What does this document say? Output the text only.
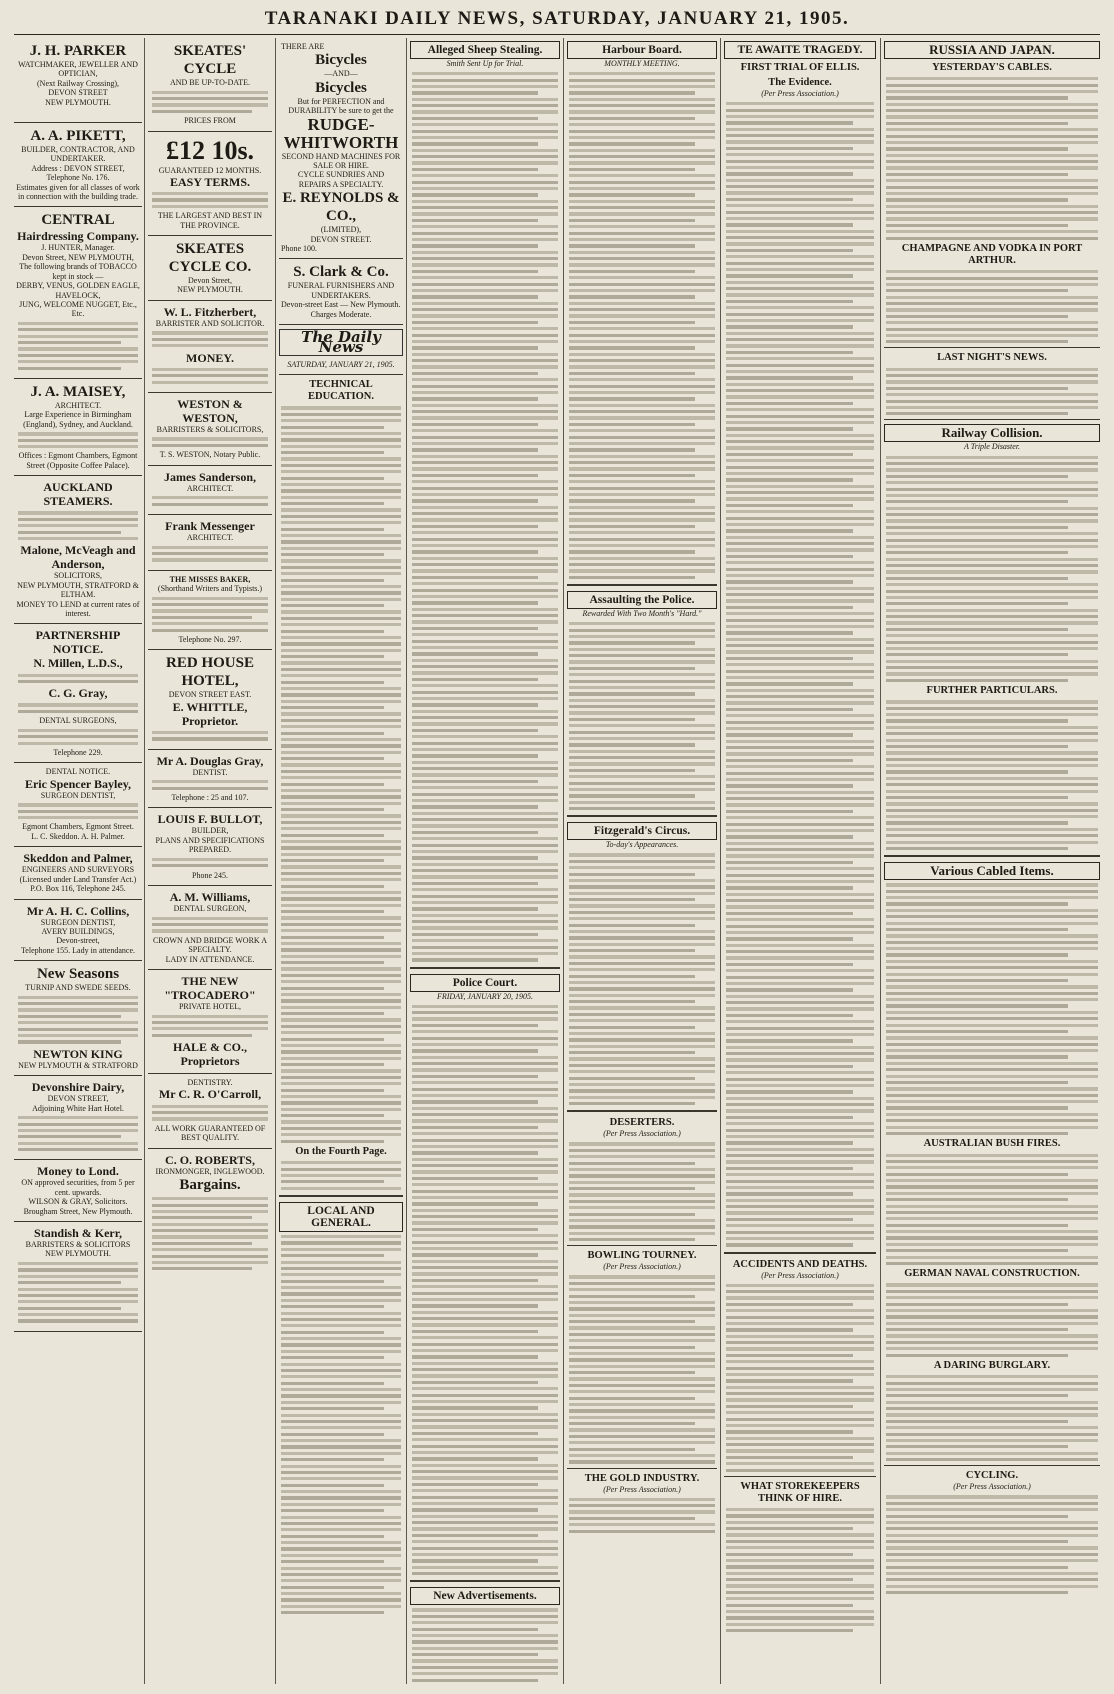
TARANAKI DAILY NEWS, SATURDAY, JANUARY 21, 1905.
J. H. PARKER
WATCHMAKER, JEWELLER AND
OPTICIAN,
(Next Railway Crossing),
DEVON STREET
NEW PLYMOUTH.
A. A. PIKETT,
BUILDER, CONTRACTOR, AND UNDERTAKER.
Address : DEVON STREET, Telephone No. 176.
Estimates given for all classes of work in connection with the building trade.
CENTRAL
Hairdressing Company.
J. HUNTER, Manager.
Devon Street, NEW PLYMOUTH,
The following brands of TOBACCO kept in stock —
DERBY, VENUS, GOLDEN EAGLE, HAVELOCK,
JUNG, WELCOME NUGGET, Etc., Etc.
J. A. MAISEY,
ARCHITECT.
Large Experience in Birmingham (England), Sydney, and Auckland.
Offices : Egmont Chambers, Egmont Street (Opposite Coffee Palace).
AUCKLAND STEAMERS.
Malone, McVeagh and Anderson,
SOLICITORS,
NEW PLYMOUTH, STRATFORD & ELTHAM.
MONEY TO LEND at current rates of interest.
PARTNERSHIP NOTICE.
N. Millen, L.D.S.,
C. G. Gray,
DENTAL SURGEONS,
Telephone 229.
DENTAL NOTICE.
Eric Spencer Bayley,
SURGEON DENTIST,
Egmont Chambers, Egmont Street.
L. C. Skeddon. A. H. Palmer.
Skeddon and Palmer,
ENGINEERS AND SURVEYORS
(Licensed under Land Transfer Act.)
P.O. Box 116, Telephone 245.
Mr A. H. C. Collins,
SURGEON DENTIST,
AVERY BUILDINGS,
Devon-street,
Telephone 155. Lady in attendance.
New Seasons
TURNIP AND SWEDE SEEDS.
NEWTON KING
NEW PLYMOUTH & STRATFORD
Devonshire Dairy,
DEVON STREET,
Adjoining White Hart Hotel.
Money to Lond.
ON approved securities, from 5 per cent. upwards.
WILSON & GRAY, Solicitors.
Brougham Street, New Plymouth.
Standish & Kerr,
BARRISTERS & SOLICITORS
NEW PLYMOUTH.
SKEATES' CYCLE
AND BE UP-TO-DATE.
PRICES FROM
£12 10s.
GUARANTEED 12 MONTHS.
EASY TERMS.
THE LARGEST AND BEST IN THE PROVINCE.
SKEATES CYCLE CO.
Devon Street,
NEW PLYMOUTH.
W. L. Fitzherbert,
BARRISTER AND SOLICITOR.
MONEY.
WESTON & WESTON,
BARRISTERS & SOLICITORS,
T. S. WESTON, Notary Public.
James Sanderson,
ARCHITECT.
Frank Messenger
ARCHITECT.
THE MISSES BAKER,
(Shorthand Writers and Typists.)
Telephone No. 297.
RED HOUSE HOTEL,
DEVON STREET EAST.
E. WHITTLE, Proprietor.
Mr A. Douglas Gray,
DENTIST.
Telephone : 25 and 107.
LOUIS F. BULLOT,
BUILDER,
PLANS AND SPECIFICATIONS PREPARED.
Phone 245.
A. M. Williams,
DENTAL SURGEON,
CROWN AND BRIDGE WORK A SPECIALTY.
LADY IN ATTENDANCE.
THE NEW "TROCADERO"
PRIVATE HOTEL,
HALE & CO., Proprietors
DENTISTRY.
Mr C. R. O'Carroll,
ALL WORK GUARANTEED OF BEST QUALITY.
C. O. ROBERTS,
IRONMONGER, INGLEWOOD.
Bargains.
THERE ARE
Bicycles
—AND—
Bicycles
But for PERFECTION and DURABILITY be sure to get the
RUDGE-WHITWORTH
SECOND HAND MACHINES FOR SALE OR HIRE.
CYCLE SUNDRIES AND REPAIRS A SPECIALTY.
E. REYNOLDS & CO.,
(LIMITED),
DEVON STREET.
Phone 100.
S. Clark & Co.
FUNERAL FURNISHERS AND UNDERTAKERS.
Devon-street East — New Plymouth.
Charges Moderate.
The Daily News
SATURDAY, JANUARY 21, 1905.
TECHNICAL EDUCATION.
On the Fourth Page.
LOCAL AND GENERAL.
Alleged Sheep Stealing.
Smith Sent Up for Trial.
Police Court.
FRIDAY, JANUARY 20, 1905.
New Advertisements.
Harbour Board.
MONTHLY MEETING.
Assaulting the Police.
Rewarded With Two Month's "Hard."
Fitzgerald's Circus.
To-day's Appearances.
DESERTERS.
(Per Press Association.)
BOWLING TOURNEY.
(Per Press Association.)
THE GOLD INDUSTRY.
(Per Press Association.)
TE AWAITE TRAGEDY.
FIRST TRIAL OF ELLIS.
The Evidence.
(Per Press Association.)
ACCIDENTS AND DEATHS.
(Per Press Association.)
WHAT STOREKEEPERS THINK OF HIRE.
RUSSIA AND JAPAN.
YESTERDAY'S CABLES.
CHAMPAGNE AND VODKA IN PORT ARTHUR.
LAST NIGHT'S NEWS.
Railway Collision.
A Triple Disaster.
FURTHER PARTICULARS.
Various Cabled Items.
AUSTRALIAN BUSH FIRES.
GERMAN NAVAL CONSTRUCTION.
A DARING BURGLARY.
CYCLING.
(Per Press Association.)
